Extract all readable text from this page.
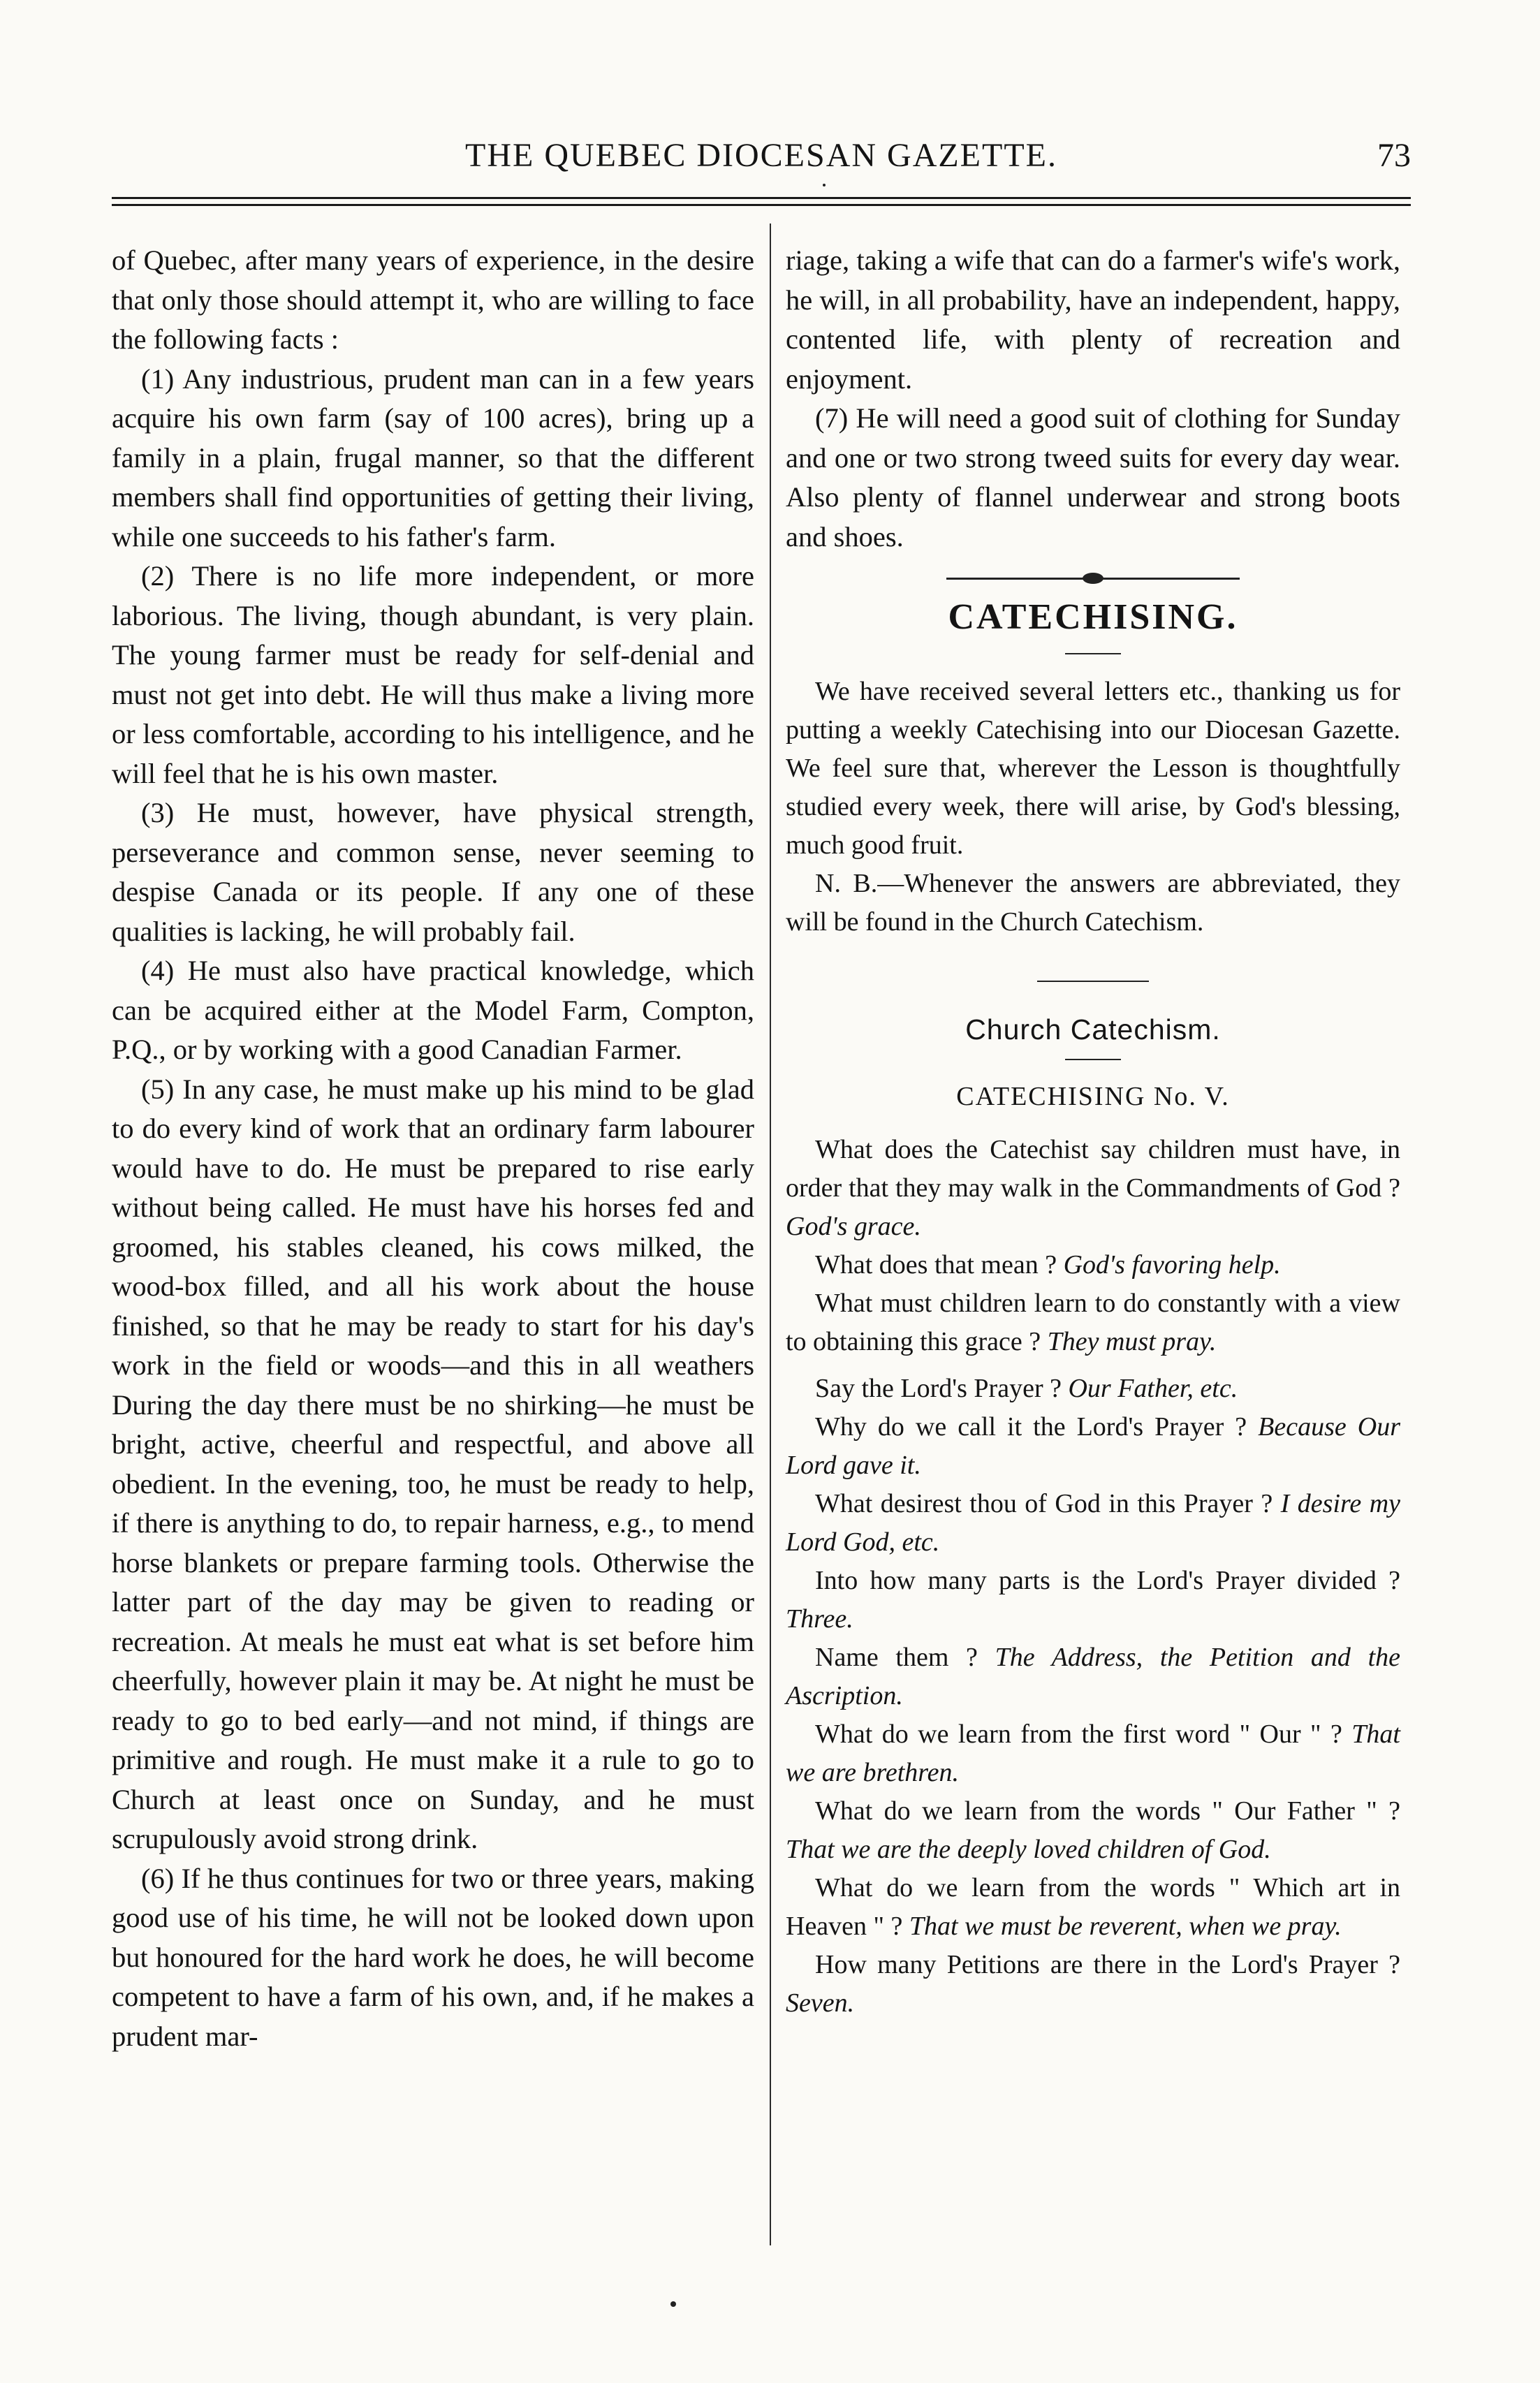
THE QUEBEC DIOCESAN GAZETTE.	73

of Quebec, after many years of experience, in the desire that only those should attempt it, who are willing to face the following facts :

(1) Any industrious, prudent man can in a few years acquire his own farm (say of 100 acres), bring up a family in a plain, frugal manner, so that the different members shall find opportunities of getting their living, while one succeeds to his father's farm.

(2) There is no life more independent, or more laborious. The living, though abundant, is very plain. The young farmer must be ready for self-denial and must not get into debt. He will thus make a living more or less comfortable, according to his intelligence, and he will feel that he is his own master.

(3) He must, however, have physical strength, perseverance and common sense, never seeming to despise Canada or its people. If any one of these qualities is lacking, he will probably fail.

(4) He must also have practical knowledge, which can be acquired either at the Model Farm, Compton, P.Q., or by working with a good Canadian Farmer.

(5) In any case, he must make up his mind to be glad to do every kind of work that an ordinary farm labourer would have to do. He must be prepared to rise early without being called. He must have his horses fed and groomed, his stables cleaned, his cows milked, the wood-box filled, and all his work about the house finished, so that he may be ready to start for his day's work in the field or woods—and this in all weathers During the day there must be no shirking—he must be bright, active, cheerful and respectful, and above all obedient. In the evening, too, he must be ready to help, if there is anything to do, to repair harness, e.g., to mend horse blankets or prepare farming tools. Otherwise the latter part of the day may be given to reading or recreation. At meals he must eat what is set before him cheerfully, however plain it may be. At night he must be ready to go to bed early—and not mind, if things are primitive and rough. He must make it a rule to go to Church at least once on Sunday, and he must scrupulously avoid strong drink.

(6) If he thus continues for two or three years, making good use of his time, he will not be looked down upon but honoured for the hard work he does, he will become competent to have a farm of his own, and, if he makes a prudent mar-

riage, taking a wife that can do a farmer's wife's work, he will, in all probability, have an independent, happy, contented life, with plenty of recreation and enjoyment.

(7) He will need a good suit of clothing for Sunday and one or two strong tweed suits for every day wear. Also plenty of flannel underwear and strong boots and shoes.

CATECHISING.

We have received several letters etc., thanking us for putting a weekly Catechising into our Diocesan Gazette. We feel sure that, wherever the Lesson is thoughtfully studied every week, there will arise, by God's blessing, much good fruit.

N. B.—Whenever the answers are abbreviated, they will be found in the Church Catechism.

Church Catechism.
CATECHISING No. V.

What does the Catechist say children must have, in order that they may walk in the Commandments of God ? God's grace.

What does that mean ? God's favoring help.

What must children learn to do constantly with a view to obtaining this grace ? They must pray.

Say the Lord's Prayer ? Our Father, etc.

Why do we call it the Lord's Prayer ? Because Our Lord gave it.

What desirest thou of God in this Prayer ? I desire my Lord God, etc.

Into how many parts is the Lord's Prayer divided ? Three.

Name them ? The Address, the Petition and the Ascription.

What do we learn from the first word " Our " ? That we are brethren.

What do we learn from the words " Our Father " ? That we are the deeply loved children of God.

What do we learn from the words " Which art in Heaven " ? That we must be reverent, when we pray.

How many Petitions are there in the Lord's Prayer ? Seven.
